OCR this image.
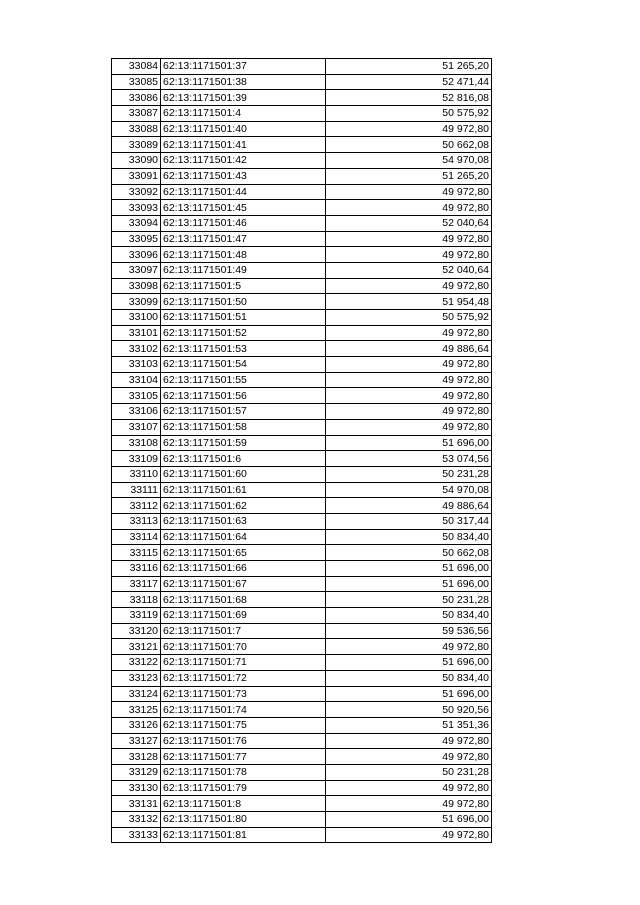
33084	62:13:1171501:37	51 265,20
33085	62:13:1171501:38	52 471,44
33086	62:13:1171501:39	52 816,08
33087	62:13:1171501:4	50 575,92
33088	62:13:1171501:40	49 972,80
33089	62:13:1171501:41	50 662,08
33090	62:13:1171501:42	54 970,08
33091	62:13:1171501:43	51 265,20
33092	62:13:1171501:44	49 972,80
33093	62:13:1171501:45	49 972,80
33094	62:13:1171501:46	52 040,64
33095	62:13:1171501:47	49 972,80
33096	62:13:1171501:48	49 972,80
33097	62:13:1171501:49	52 040,64
33098	62:13:1171501:5	49 972,80
33099	62:13:1171501:50	51 954,48
33100	62:13:1171501:51	50 575,92
33101	62:13:1171501:52	49 972,80
33102	62:13:1171501:53	49 886,64
33103	62:13:1171501:54	49 972,80
33104	62:13:1171501:55	49 972,80
33105	62:13:1171501:56	49 972,80
33106	62:13:1171501:57	49 972,80
33107	62:13:1171501:58	49 972,80
33108	62:13:1171501:59	51 696,00
33109	62:13:1171501:6	53 074,56
33110	62:13:1171501:60	50 231,28
33111	62:13:1171501:61	54 970,08
33112	62:13:1171501:62	49 886,64
33113	62:13:1171501:63	50 317,44
33114	62:13:1171501:64	50 834,40
33115	62:13:1171501:65	50 662,08
33116	62:13:1171501:66	51 696,00
33117	62:13:1171501:67	51 696,00
33118	62:13:1171501:68	50 231,28
33119	62:13:1171501:69	50 834,40
33120	62:13:1171501:7	59 536,56
33121	62:13:1171501:70	49 972,80
33122	62:13:1171501:71	51 696,00
33123	62:13:1171501:72	50 834,40
33124	62:13:1171501:73	51 696,00
33125	62:13:1171501:74	50 920,56
33126	62:13:1171501:75	51 351,36
33127	62:13:1171501:76	49 972,80
33128	62:13:1171501:77	49 972,80
33129	62:13:1171501:78	50 231,28
33130	62:13:1171501:79	49 972,80
33131	62:13:1171501:8	49 972,80
33132	62:13:1171501:80	51 696,00
33133	62:13:1171501:81	49 972,80
